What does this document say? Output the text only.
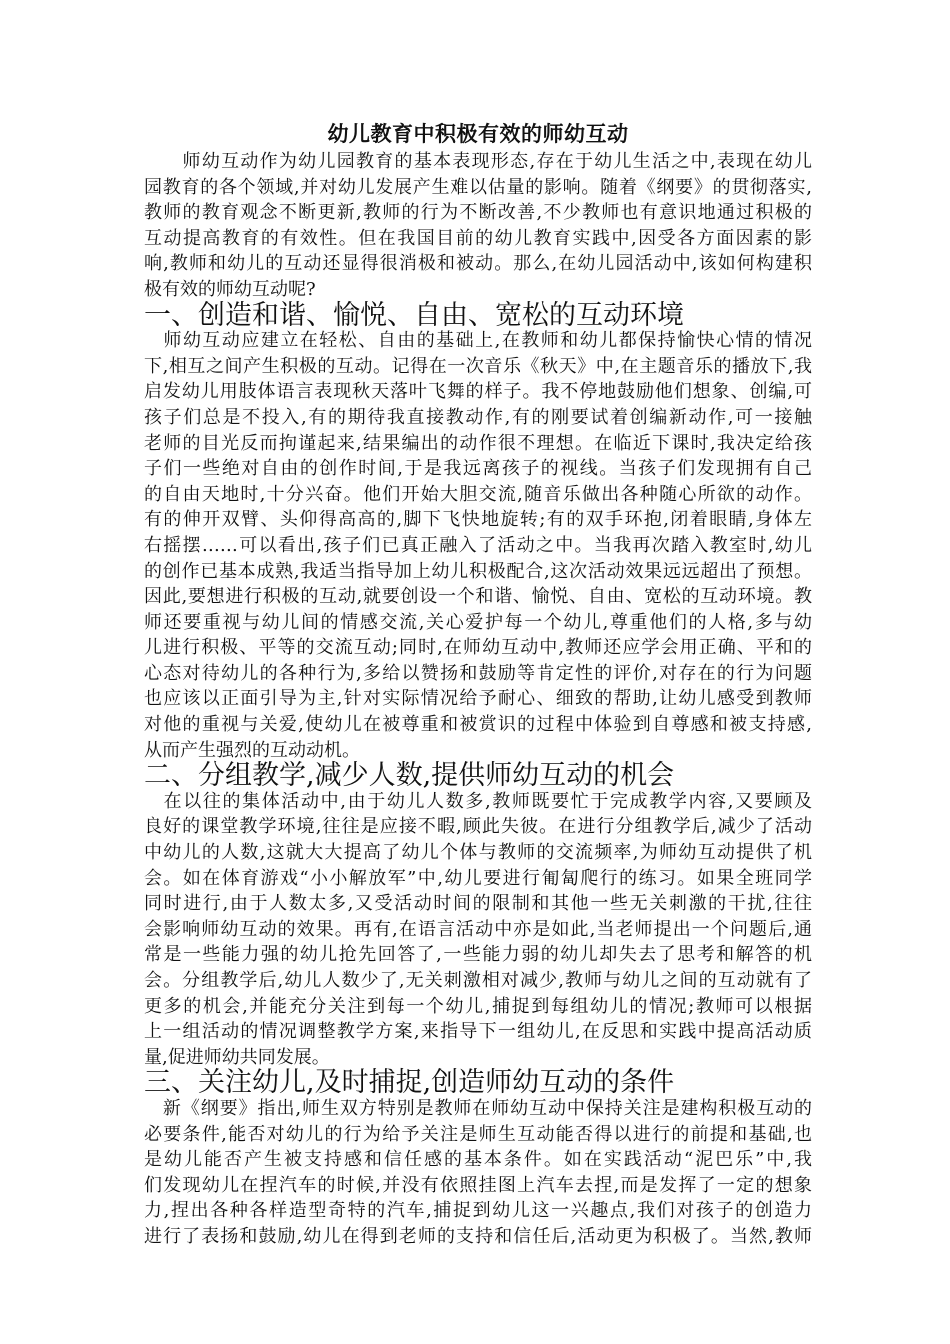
幼儿教育中积极有效的师幼互动
　　师幼互动作为幼儿园教育的基本表现形态,存在于幼儿生活之中,表现在幼儿
园教育的各个领域,并对幼儿发展产生难以估量的影响。随着《纲要》的贯彻落实,
教师的教育观念不断更新,教师的行为不断改善,不少教师也有意识地通过积极的
互动提高教育的有效性。但在我国目前的幼儿教育实践中,因受各方面因素的影
响,教师和幼儿的互动还显得很消极和被动。那么,在幼儿园活动中,该如何构建积
极有效的师幼互动呢?
一、创造和谐、愉悦、自由、宽松的互动环境
　师幼互动应建立在轻松、自由的基础上,在教师和幼儿都保持愉快心情的情况
下,相互之间产生积极的互动。记得在一次音乐《秋天》中,在主题音乐的播放下,我
启发幼儿用肢体语言表现秋天落叶飞舞的样子。我不停地鼓励他们想象、创编,可
孩子们总是不投入,有的期待我直接教动作,有的刚要试着创编新动作,可一接触
老师的目光反而拘谨起来,结果编出的动作很不理想。在临近下课时,我决定给孩
子们一些绝对自由的创作时间,于是我远离孩子的视线。当孩子们发现拥有自己
的自由天地时,十分兴奋。他们开始大胆交流,随音乐做出各种随心所欲的动作。
有的伸开双臂、头仰得高高的,脚下飞快地旋转;有的双手环抱,闭着眼睛,身体左
右摇摆……可以看出,孩子们已真正融入了活动之中。当我再次踏入教室时,幼儿
的创作已基本成熟,我适当指导加上幼儿积极配合,这次活动效果远远超出了预想。
因此,要想进行积极的互动,就要创设一个和谐、愉悦、自由、宽松的互动环境。教
师还要重视与幼儿间的情感交流,关心爱护每一个幼儿,尊重他们的人格,多与幼
儿进行积极、平等的交流互动;同时,在师幼互动中,教师还应学会用正确、平和的
心态对待幼儿的各种行为,多给以赞扬和鼓励等肯定性的评价,对存在的行为问题
也应该以正面引导为主,针对实际情况给予耐心、细致的帮助,让幼儿感受到教师
对他的重视与关爱,使幼儿在被尊重和被赏识的过程中体验到自尊感和被支持感,
从而产生强烈的互动动机。
二、分组教学,减少人数,提供师幼互动的机会
　在以往的集体活动中,由于幼儿人数多,教师既要忙于完成教学内容,又要顾及
良好的课堂教学环境,往往是应接不暇,顾此失彼。在进行分组教学后,减少了活动
中幼儿的人数,这就大大提高了幼儿个体与教师的交流频率,为师幼互动提供了机
会。如在体育游戏“小小解放军”中,幼儿要进行匍匐爬行的练习。如果全班同学
同时进行,由于人数太多,又受活动时间的限制和其他一些无关刺激的干扰,往往
会影响师幼互动的效果。再有,在语言活动中亦是如此,当老师提出一个问题后,通
常是一些能力强的幼儿抢先回答了,一些能力弱的幼儿却失去了思考和解答的机
会。分组教学后,幼儿人数少了,无关刺激相对减少,教师与幼儿之间的互动就有了
更多的机会,并能充分关注到每一个幼儿,捕捉到每组幼儿的情况;教师可以根据
上一组活动的情况调整教学方案,来指导下一组幼儿,在反思和实践中提高活动质
量,促进师幼共同发展。
三、关注幼儿,及时捕捉,创造师幼互动的条件
　新《纲要》指出,师生双方特别是教师在师幼互动中保持关注是建构积极互动的
必要条件,能否对幼儿的行为给予关注是师生互动能否得以进行的前提和基础,也
是幼儿能否产生被支持感和信任感的基本条件。如在实践活动“泥巴乐”中,我
们发现幼儿在捏汽车的时候,并没有依照挂图上汽车去捏,而是发挥了一定的想象
力,捏出各种各样造型奇特的汽车,捕捉到幼儿这一兴趣点,我们对孩子的创造力
进行了表扬和鼓励,幼儿在得到老师的支持和信任后,活动更为积极了。当然,教师
